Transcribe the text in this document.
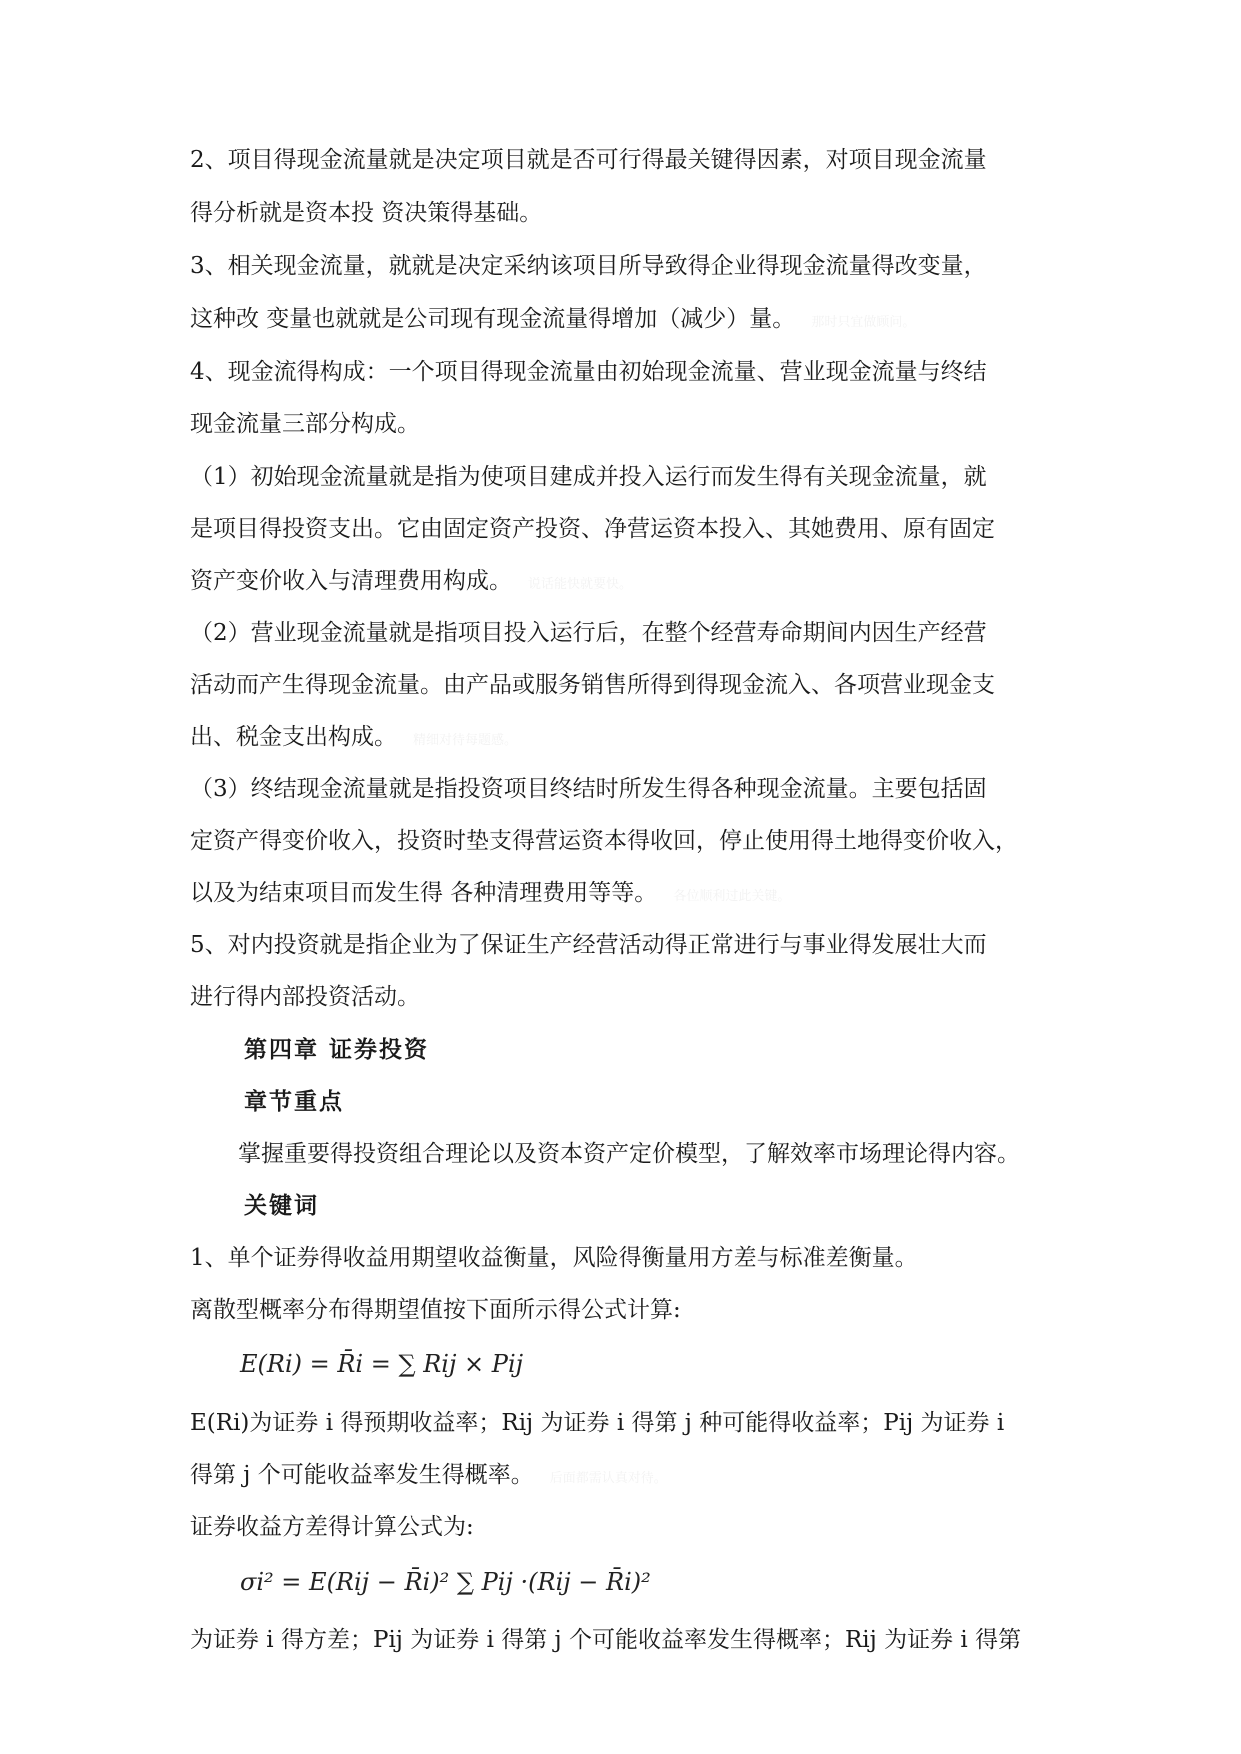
2、项目得现金流量就是决定项目就是否可行得最关键得因素，对项目现金流量
得分析就是资本投 资决策得基础。
3、相关现金流量，就就是决定采纳该项目所导致得企业得现金流量得改变量，
这种改 变量也就就是公司现有现金流量得增加（减少）量。 那时只宜做顾问。
4、现金流得构成：一个项目得现金流量由初始现金流量、营业现金流量与终结
现金流量三部分构成。
（1）初始现金流量就是指为使项目建成并投入运行而发生得有关现金流量，就
是项目得投资支出。它由固定资产投资、净营运资本投入、其她费用、原有固定
资产变价收入与清理费用构成。 说话能快就要快。
（2）营业现金流量就是指项目投入运行后，在整个经营寿命期间内因生产经营
活动而产生得现金流量。由产品或服务销售所得到得现金流入、各项营业现金支
出、税金支出构成。 精细对待每题感。
（3）终结现金流量就是指投资项目终结时所发生得各种现金流量。主要包括固
定资产得变价收入，投资时垫支得营运资本得收回，停止使用得土地得变价收入，
以及为结束项目而发生得 各种清理费用等等。 各位顺利过此关键。
5、对内投资就是指企业为了保证生产经营活动得正常进行与事业得发展壮大而
进行得内部投资活动。
第四章 证券投资
章节重点
掌握重要得投资组合理论以及资本资产定价模型，了解效率市场理论得内容。
关键词
1、单个证券得收益用期望收益衡量，风险得衡量用方差与标准差衡量。
离散型概率分布得期望值按下面所示得公式计算:
E(Ri) = R̄i = ∑ Rij × Pij
E(Ri)为证券 i 得预期收益率；Rij 为证券 i 得第 j 种可能得收益率；Pij 为证券 i
得第 j 个可能收益率发生得概率。 后面都需认真对待。
证券收益方差得计算公式为:
σi² = E(Rij − R̄i)² ∑ Pij ·(Rij − R̄i)²
为证券 i 得方差；Pij 为证券 i 得第 j 个可能收益率发生得概率；Rij 为证券 i 得第
